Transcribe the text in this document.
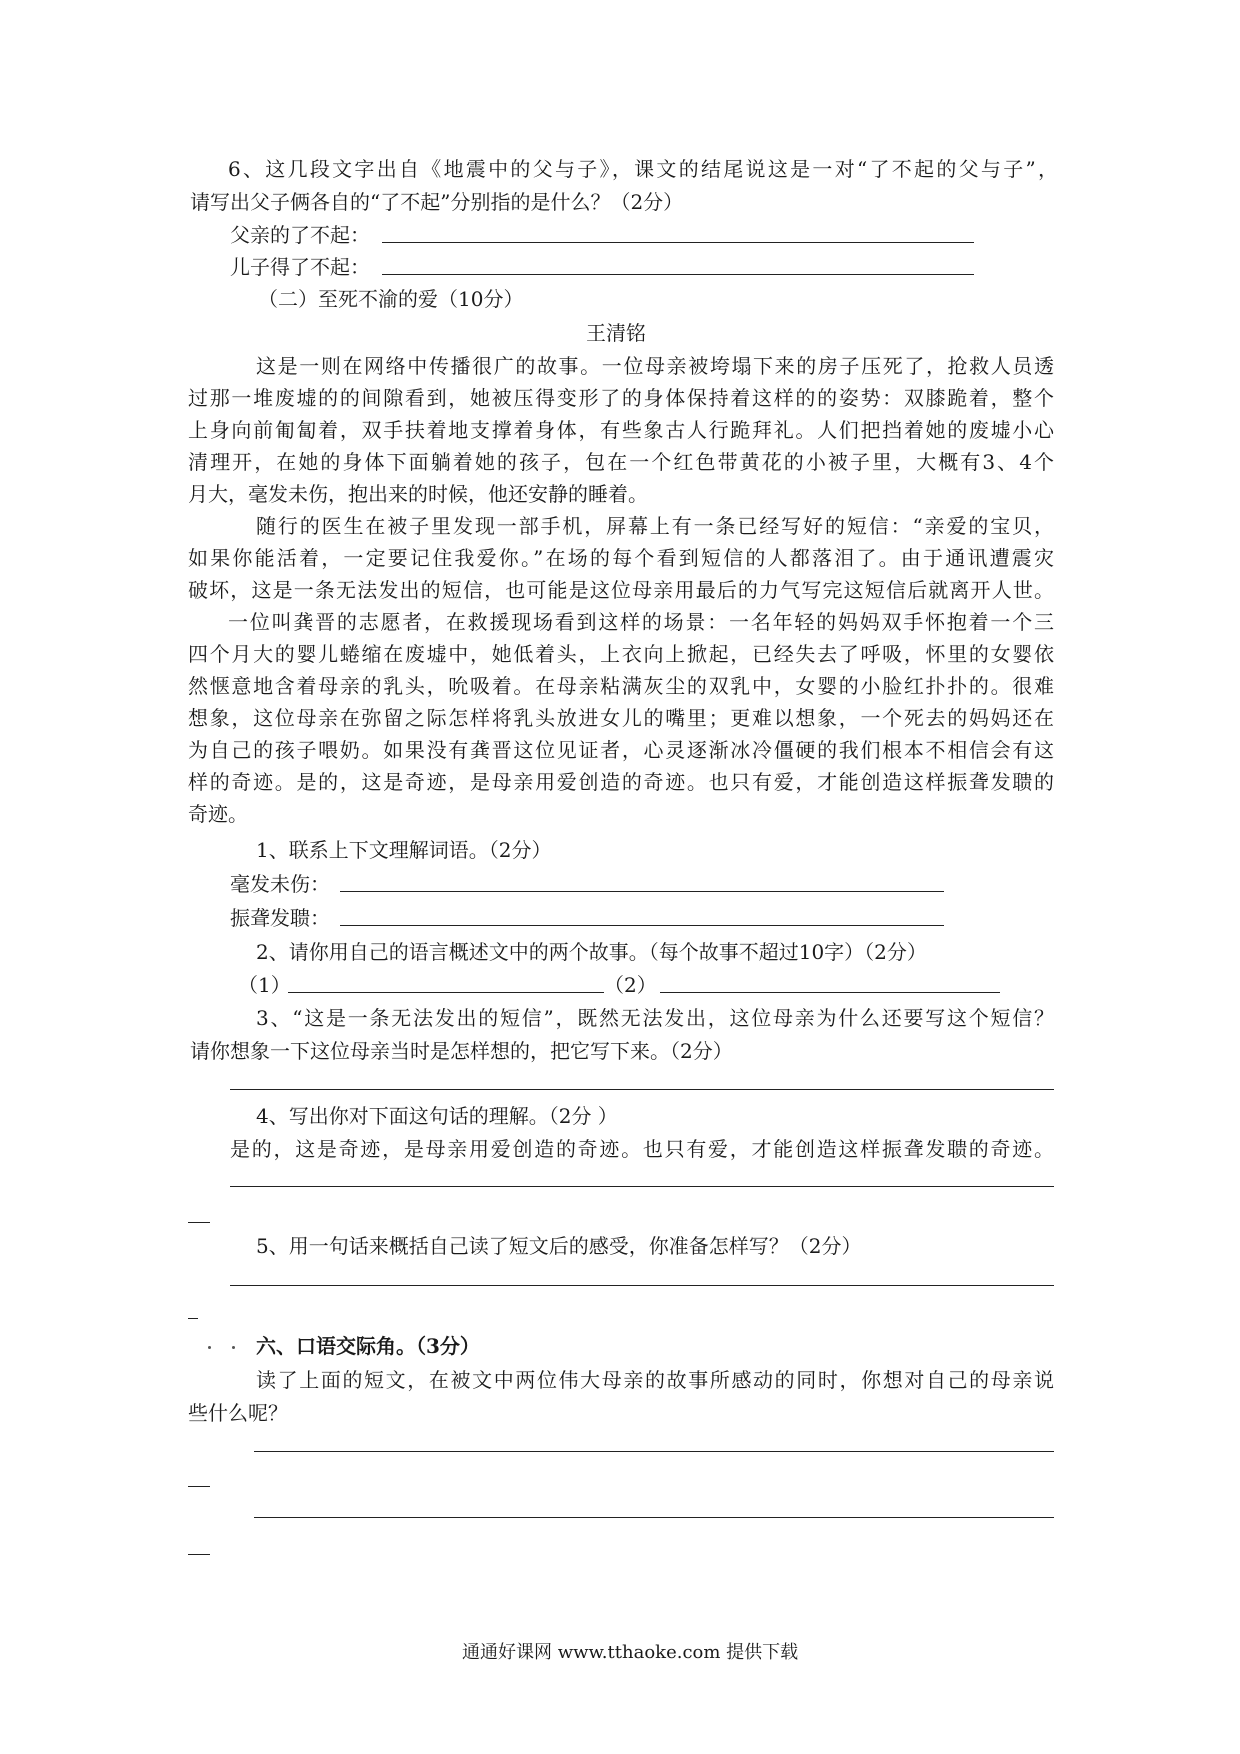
6、这几段文字出自《地震中的父与子》，课文的结尾说这是一对“了不起的父与子”，
请写出父子俩各自的“了不起”分别指的是什么？（2分）
父亲的了不起：
儿子得了不起：
（二）至死不渝的爱（10分）
王清铭
这是一则在网络中传播很广的故事。一位母亲被垮塌下来的房子压死了，抢救人员透
过那一堆废墟的的间隙看到，她被压得变形了的身体保持着这样的的姿势：双膝跪着，整个
上身向前匍匐着，双手扶着地支撑着身体，有些象古人行跪拜礼。人们把挡着她的废墟小心
清理开，在她的身体下面躺着她的孩子，包在一个红色带黄花的小被子里，大概有3、4个
月大，毫发未伤，抱出来的时候，他还安静的睡着。
随行的医生在被子里发现一部手机，屏幕上有一条已经写好的短信：“亲爱的宝贝，
如果你能活着，一定要记住我爱你。”在场的每个看到短信的人都落泪了。由于通讯遭震灾
破坏，这是一条无法发出的短信，也可能是这位母亲用最后的力气写完这短信后就离开人世。
一位叫龚晋的志愿者，在救援现场看到这样的场景：一名年轻的妈妈双手怀抱着一个三
四个月大的婴儿蜷缩在废墟中，她低着头，上衣向上掀起，已经失去了呼吸，怀里的女婴依
然惬意地含着母亲的乳头，吮吸着。在母亲粘满灰尘的双乳中，女婴的小脸红扑扑的。很难
想象，这位母亲在弥留之际怎样将乳头放进女儿的嘴里；更难以想象，一个死去的妈妈还在
为自己的孩子喂奶。如果没有龚晋这位见证者，心灵逐渐冰冷僵硬的我们根本不相信会有这
样的奇迹。是的，这是奇迹，是母亲用爱创造的奇迹。也只有爱，才能创造这样振聋发聩的
奇迹。
1、联系上下文理解词语。（2分）
毫发未伤：
振聋发聩：
2、请你用自己的语言概述文中的两个故事。（每个故事不超过10字）（2分）
（1）	（2）
3、“这是一条无法发出的短信”，既然无法发出，这位母亲为什么还要写这个短信？
请你想象一下这位母亲当时是怎样想的，把它写下来。（2分）
4、写出你对下面这句话的理解。（2分 ）
是的，这是奇迹，是母亲用爱创造的奇迹。也只有爱，才能创造这样振聋发聩的奇迹。
5、用一句话来概括自己读了短文后的感受，你准备怎样写？（2分）
六、口语交际角。（3分）
读了上面的短文，在被文中两位伟大母亲的故事所感动的同时，你想对自己的母亲说
些什么呢？
通通好课网 www.tthaoke.com 提供下载
